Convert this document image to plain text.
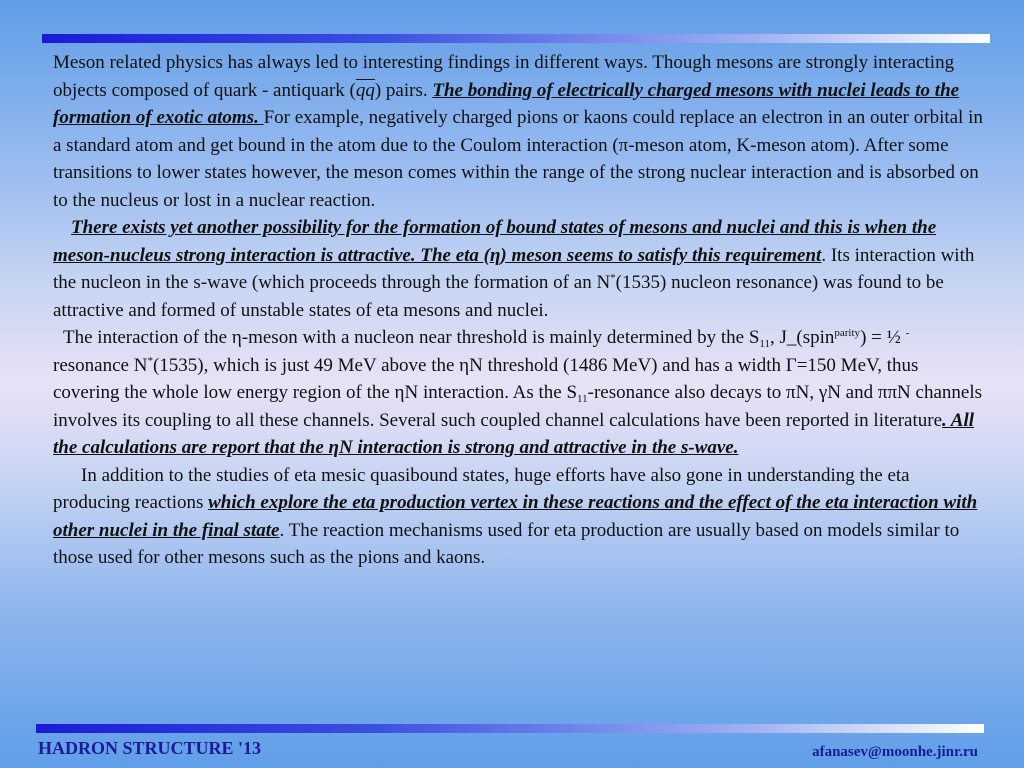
Meson related physics has always led to interesting findings in different ways. Though mesons are strongly interacting objects composed of quark - antiquark (qq) pairs. The bonding of electrically charged mesons with nuclei leads to the formation of exotic atoms. For example, negatively charged pions or kaons could replace an electron in an outer orbital in a standard atom and get bound in the atom due to the Coulom interaction (π-meson atom, K-meson atom). After some transitions to lower states however, the meson comes within the range of the strong nuclear interaction and is absorbed on to the nucleus or lost in a nuclear reaction.

There exists yet another possibility for the formation of bound states of mesons and nuclei and this is when the meson-nucleus strong interaction is attractive. The eta (η) meson seems to satisfy this requirement. Its interaction with the nucleon in the s-wave (which proceeds through the formation of an N*(1535) nucleon resonance) was found to be attractive and formed of unstable states of eta mesons and nuclei.

The interaction of the η-meson with a nucleon near threshold is mainly determined by the $S_{11}$, J_(spin$^{parity}$) = ½ - resonance N*(1535), which is just 49 MeV above the ηN threshold (1486 MeV) and has a width Γ=150 MeV, thus covering the whole low energy region of the ηN interaction. As the $S_{11}$-resonance also decays to πN, γN and ππN channels involves its coupling to all these channels. Several such coupled channel calculations have been reported in literature. All the calculations are report that the ηN interaction is strong and attractive in the s-wave.

In addition to the studies of eta mesic quasibound states, huge efforts have also gone in understanding the eta producing reactions which explore the eta production vertex in these reactions and the effect of the eta interaction with other nuclei in the final state. The reaction mechanisms used for eta production are usually based on models similar to those used for other mesons such as the pions and kaons.

HADRON STRUCTURE '13	afanasev@moonhe.jinr.ru
